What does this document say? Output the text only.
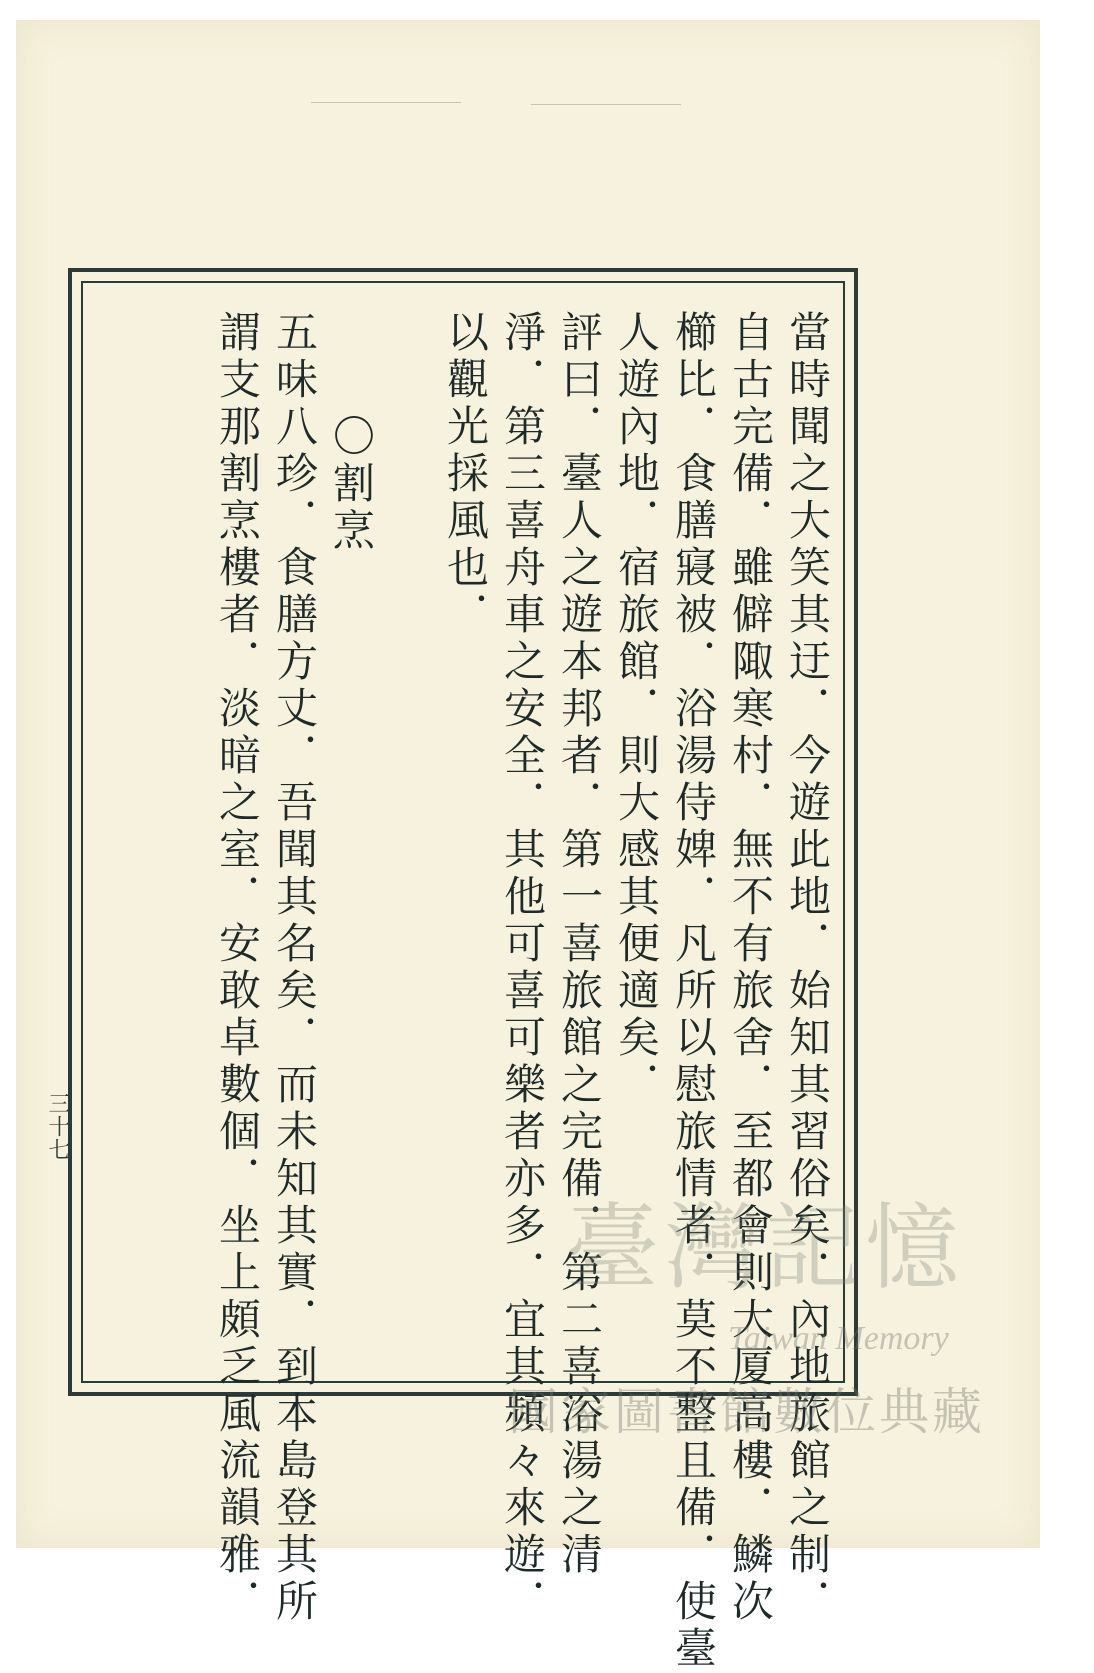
當時聞之大笑其迂．今遊此地．始知其習俗矣．內地旅館之制．
自古完備．雖僻陬寒村．無不有旅舍．至都會則大厦高樓．鱗次
櫛比．食膳寢被．浴湯侍婢．凡所以慰旅情者．莫不整且備．使臺
人遊內地．宿旅館．則大感其便適矣．
評曰．臺人之遊本邦者．第一喜旅館之完備．第二喜浴湯之清
淨．第三喜舟車之安全．其他可喜可樂者亦多．宜其頻々來遊．
以觀光採風也．
〇割烹
五味八珍．食膳方丈．吾聞其名矣．而未知其實．到本島登其所
謂支那割烹樓者．淡暗之室．安敢卓數個．坐上頗乏風流韻雅．
三十七
臺灣記憶
Taiwan Memory
國家圖書館數位典藏
